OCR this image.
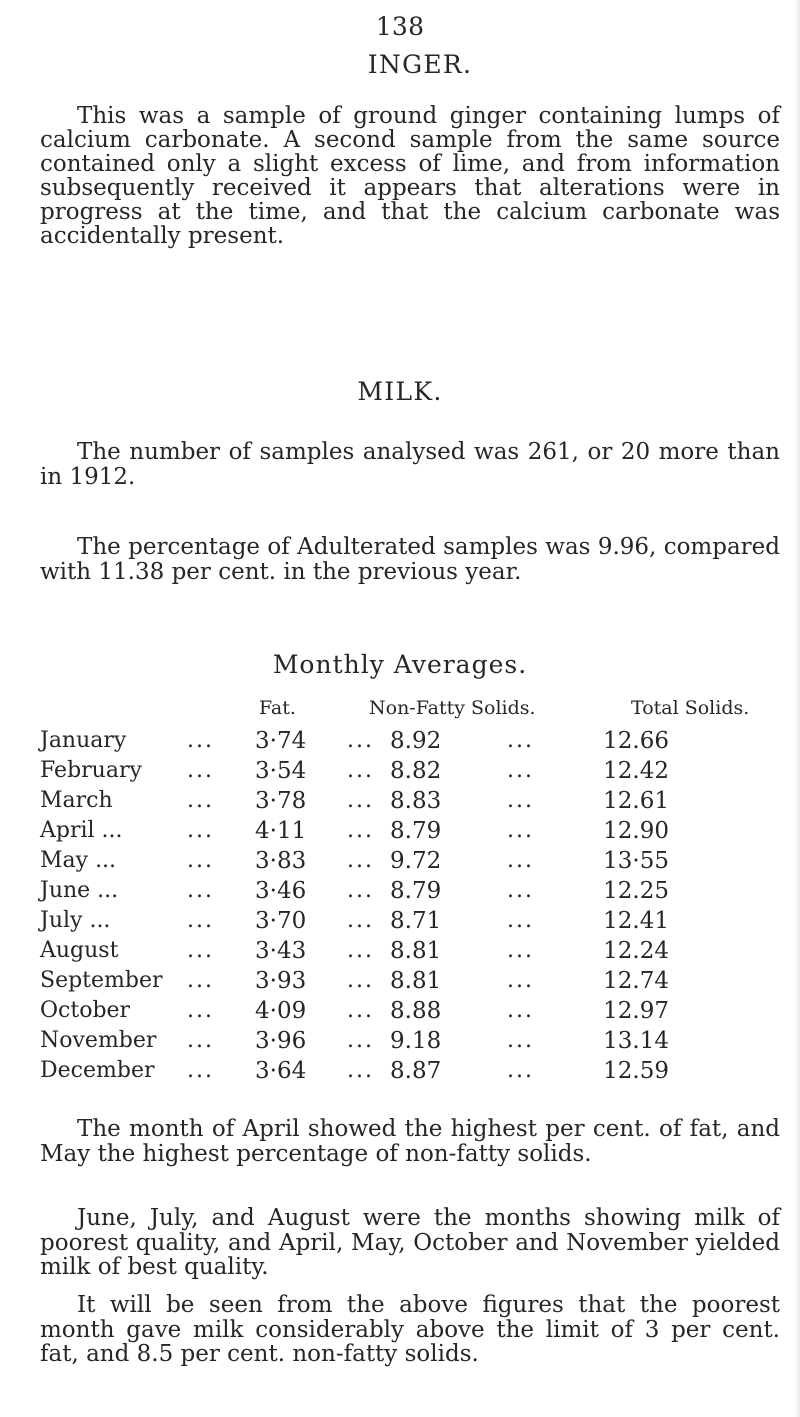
138
INGER.
This was a sample of ground ginger containing lumps of calcium carbonate. A second sample from the same source contained only a slight excess of lime, and from information subsequently received it appears that alterations were in progress at the time, and that the calcium carbonate was accidentally present.
MILK.
The number of samples analysed was 261, or 20 more than in 1912.
The percentage of Adulterated samples was 9.96, compared with 11.38 per cent. in the previous year.
Monthly Averages.
Fat.	Non-Fatty Solids.	Total Solids.
January	... 3·74 ... 8.92	...	12.66
February ... 3·54 ... 8.82	...	12.42
March	... 3·78 ... 8.83	...	12.61
April ...	... 4·11 ... 8.79	...	12.90
May ...	... 3·83 ... 9.72	...	13·55
June ...	... 3·46 ... 8.79	...	12.25
July ...	... 3·70 ... 8.71	...	12.41
August	... 3·43 ... 8.81	...	12.24
September ... 3·93 ... 8.81	...	12.74
October	... 4·09 ... 8.88	...	12.97
November ... 3·96 ... 9.18	...	13.14
December ... 3·64 ... 8.87	...	12.59
The month of April showed the highest per cent. of fat, and May the highest percentage of non-fatty solids.
June, July, and August were the months showing milk of poorest quality, and April, May, October and November yielded milk of best quality.
It will be seen from the above figures that the poorest month gave milk considerably above the limit of 3 per cent. fat, and 8.5 per cent. non-fatty solids.
